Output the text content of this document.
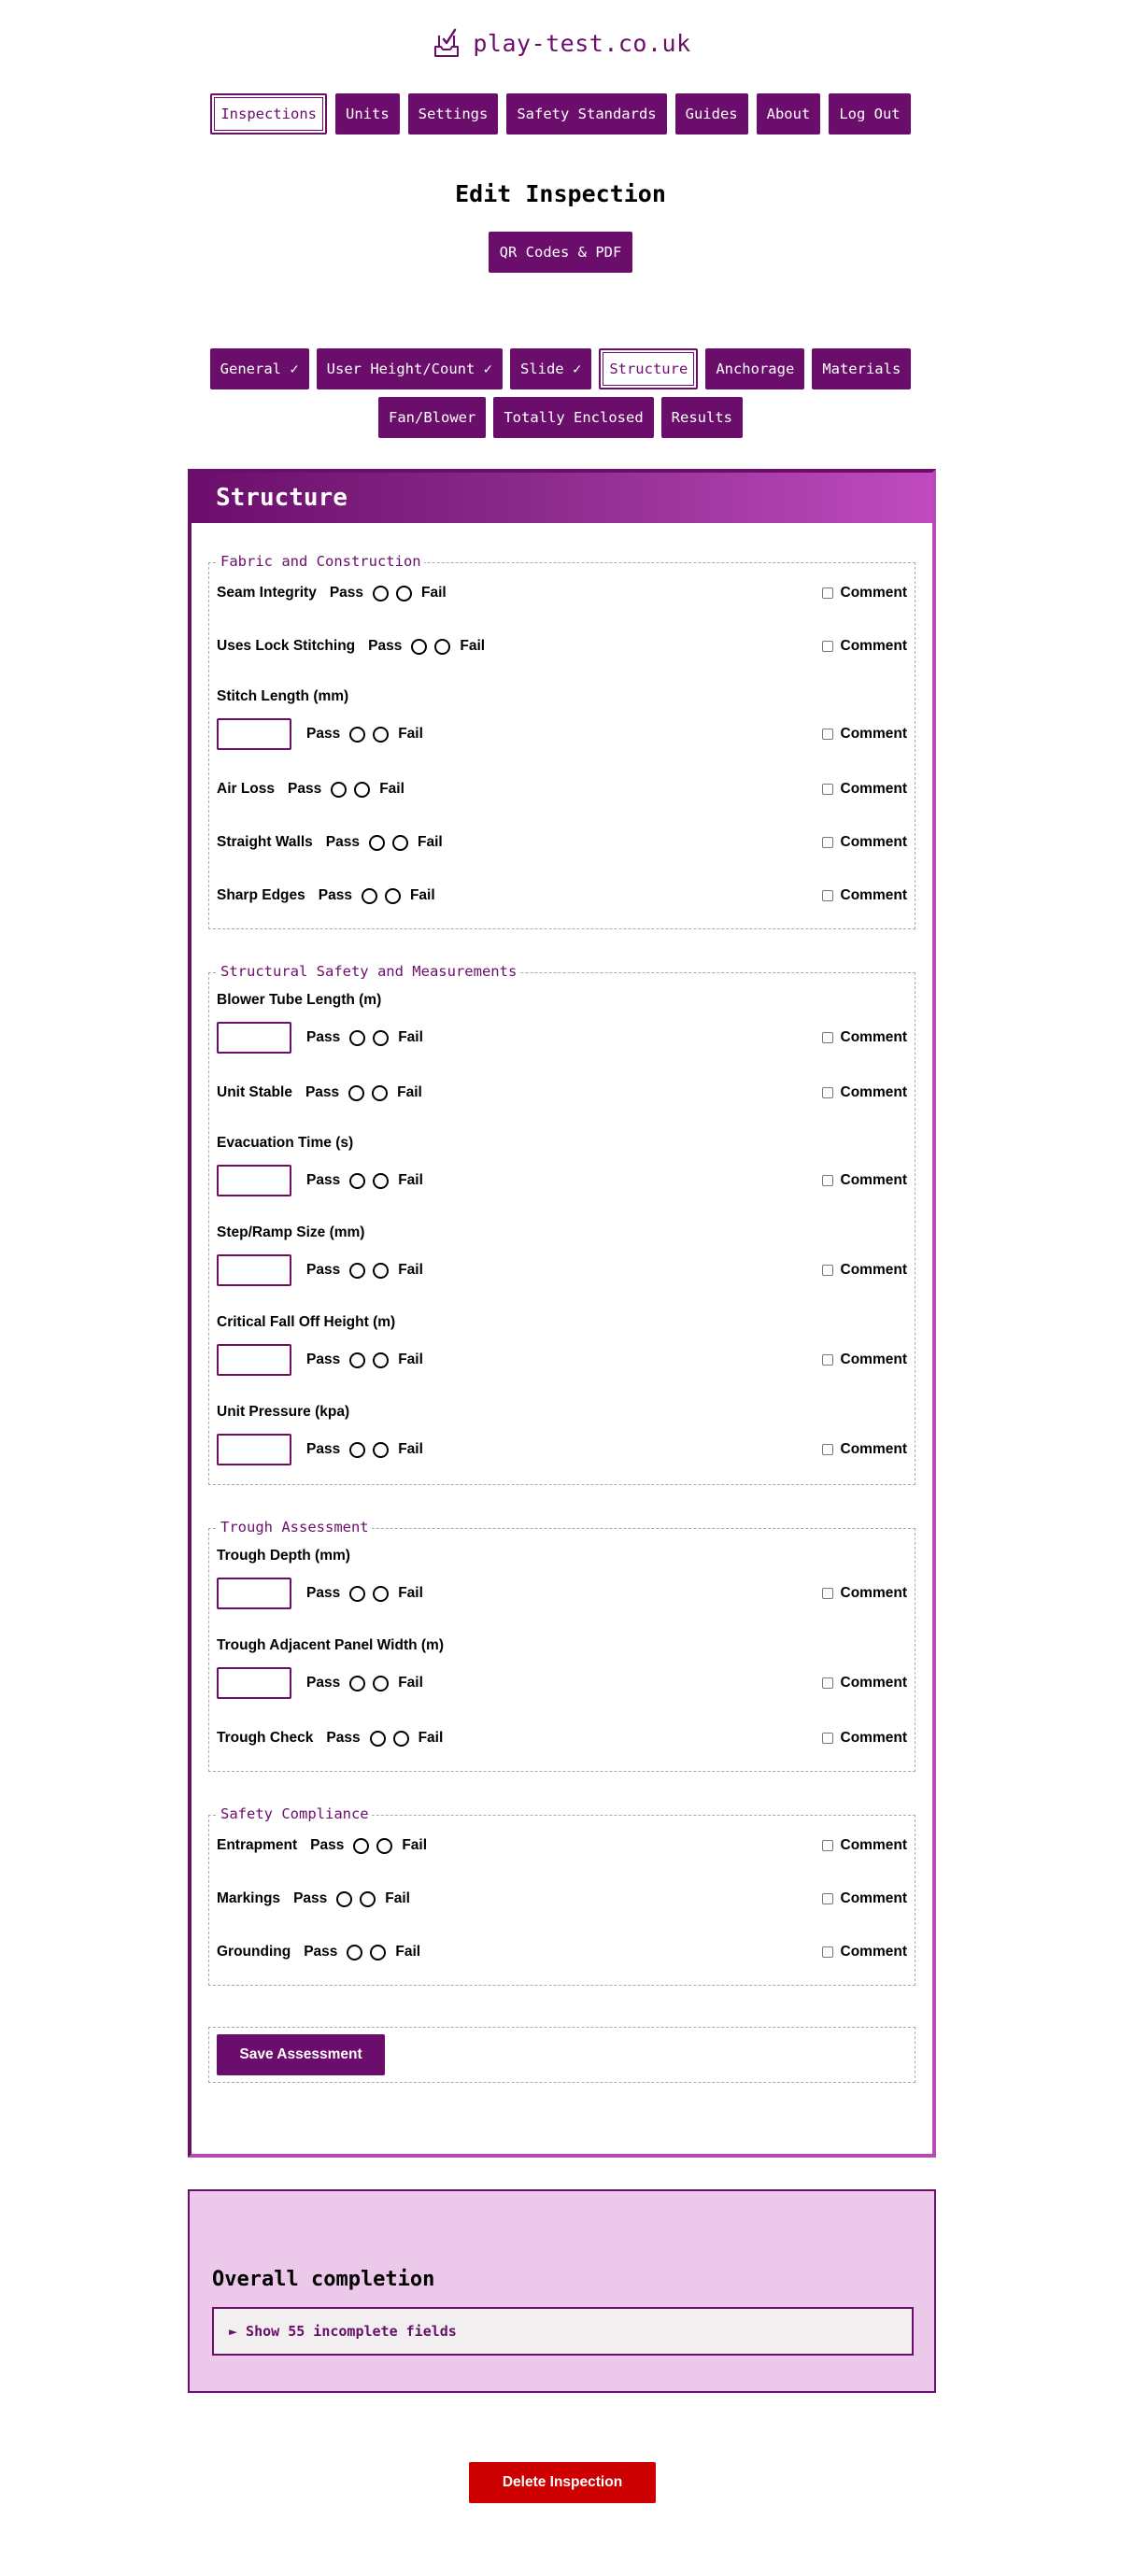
play-test.co.uk
Inspections	Units	Settings	Safety Standards	Guides	About	Log Out
Edit Inspection
QR Codes & PDF
General ✓	User Height/Count ✓	Slide ✓	Structure	Anchorage	Materials
Fan/Blower	Totally Enclosed	Results
Structure
Fabric and Construction
Seam Integrity Pass	Fail	Comment
Uses Lock Stitching Pass	Fail	Comment
Stitch Length (mm)
Pass	Fail	Comment
Air Loss Pass	Fail	Comment
Straight Walls Pass	Fail	Comment
Sharp Edges Pass	Fail	Comment
Structural Safety and Measurements
Blower Tube Length (m)
Pass	Fail	Comment
Unit Stable Pass	Fail	Comment
Evacuation Time (s)
Pass	Fail	Comment
Step/Ramp Size (mm)
Pass	Fail	Comment
Critical Fall Off Height (m)
Pass	Fail	Comment
Unit Pressure (kpa)
Pass	Fail	Comment
Trough Assessment
Trough Depth (mm)
Pass	Fail	Comment
Trough Adjacent Panel Width (m)
Pass	Fail	Comment
Trough Check Pass	Fail	Comment
Safety Compliance
Entrapment Pass	Fail	Comment
Markings Pass	Fail	Comment
Grounding Pass	Fail	Comment
Save Assessment
Overall completion
► Show 55 incomplete fields
Delete Inspection
